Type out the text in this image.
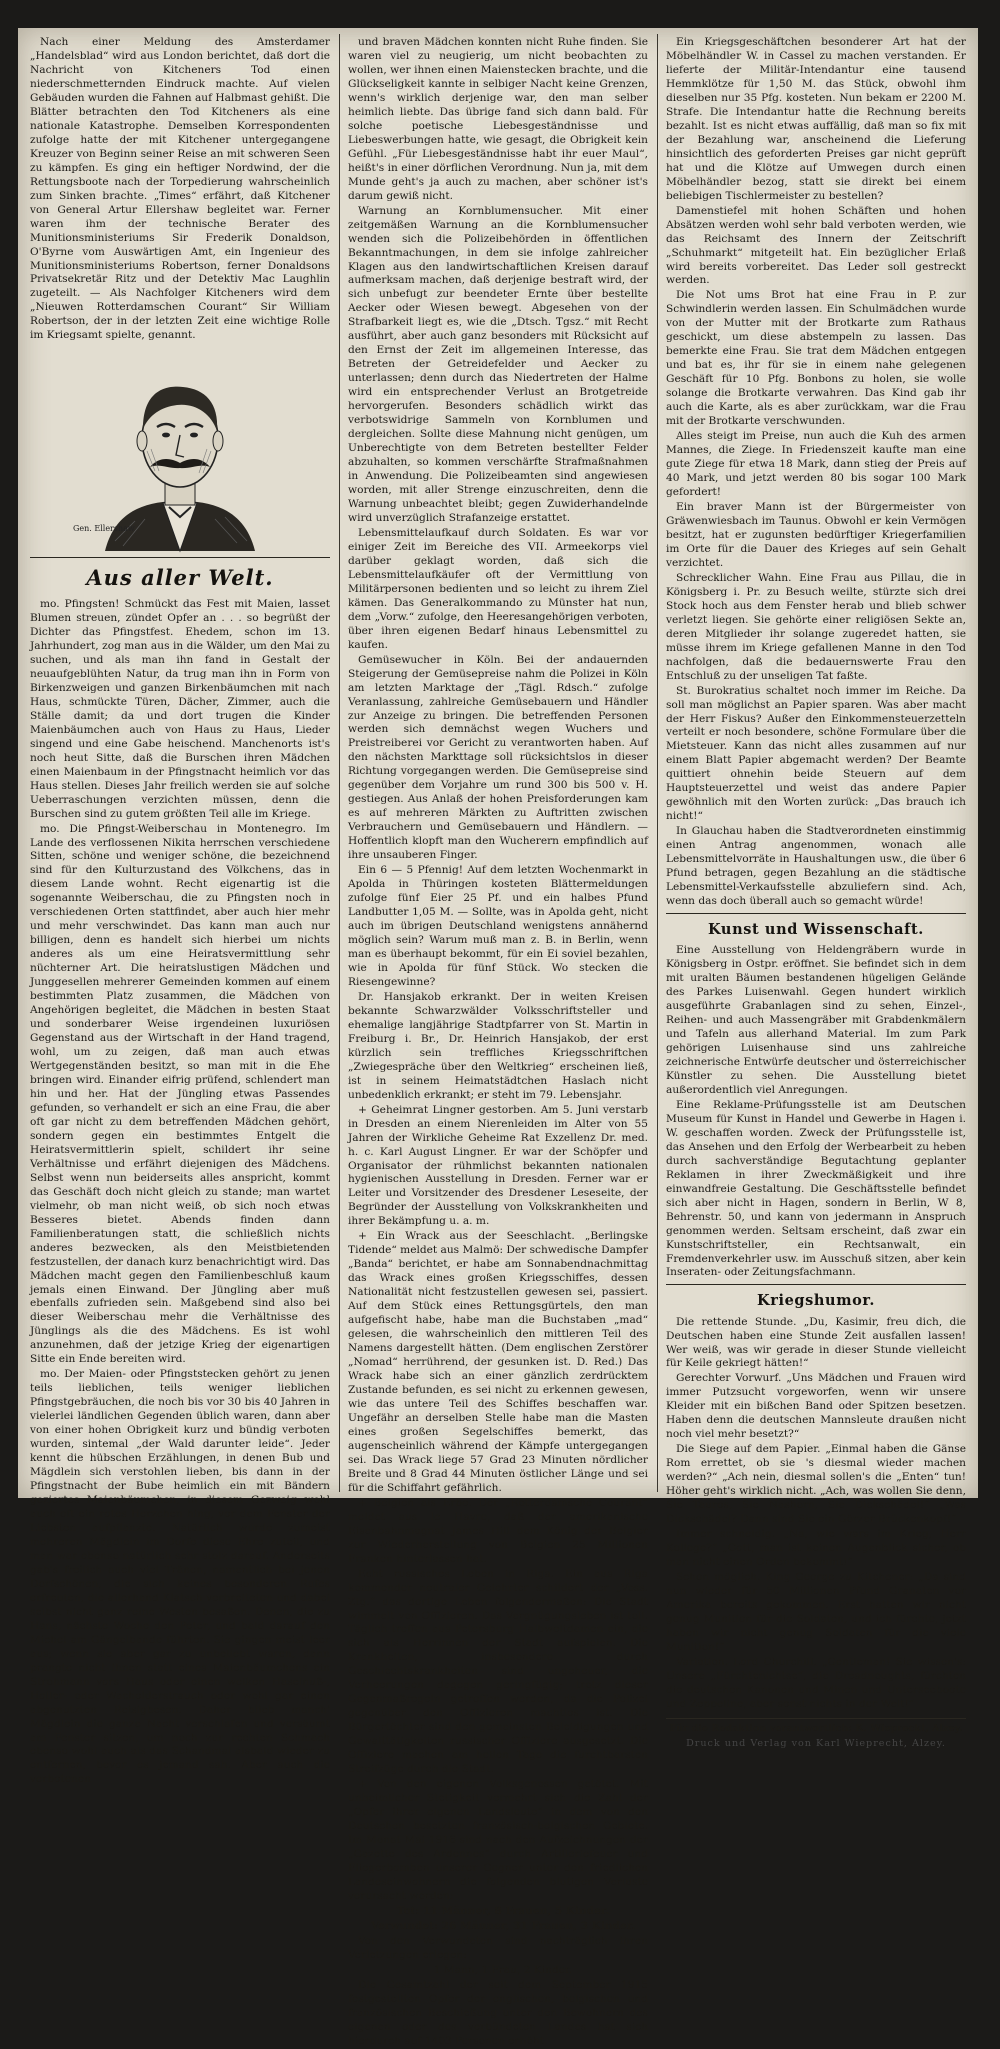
Nach einer Meldung des Amsterdamer „Handelsblad“ wird aus London berichtet, daß dort die Nachricht von Kitcheners Tod einen niederschmetternden Eindruck machte. Auf vielen Gebäuden wurden die Fahnen auf Halbmast gehißt. Die Blätter betrachten den Tod Kitcheners als eine nationale Katastrophe. Demselben Korrespondenten zufolge hatte der mit Kitchener untergegangene Kreuzer von Beginn seiner Reise an mit schweren Seen zu kämpfen. Es ging ein heftiger Nordwind, der die Rettungsboote nach der Torpedierung wahrscheinlich zum Sinken brachte. „Times“ erfährt, daß Kitchener von General Artur Ellershaw begleitet war. Ferner waren ihm der technische Berater des Munitionsministeriums Sir Frederik Donaldson, O'Byrne vom Auswärtigen Amt, ein Ingenieur des Munitionsministeriums Robertson, ferner Donaldsons Privatsekretär Ritz und der Detektiv Mac Laughlin zugeteilt. — Als Nachfolger Kitcheners wird dem „Nieuwen Rotterdamschen Courant“ Sir William Robertson, der in der letzten Zeit eine wichtige Rolle im Kriegsamt spielte, genannt.

Gen. Ellershaw
Aus aller Welt.

mo. Pfingsten! Schmückt das Fest mit Maien, lasset Blumen streuen, zündet Opfer an . . . so begrüßt der Dichter das Pfingstfest. Ehedem, schon im 13. Jahrhundert, zog man aus in die Wälder, um den Mai zu suchen, und als man ihn fand in Gestalt der neuaufgeblühten Natur, da trug man ihn in Form von Birkenzweigen und ganzen Birkenbäumchen mit nach Haus, schmückte Türen, Dächer, Zimmer, auch die Ställe damit; da und dort trugen die Kinder Maienbäumchen auch von Haus zu Haus, Lieder singend und eine Gabe heischend. Manchenorts ist's noch heut Sitte, daß die Burschen ihren Mädchen einen Maienbaum in der Pfingstnacht heimlich vor das Haus stellen. Dieses Jahr freilich werden sie auf solche Ueberraschungen verzichten müssen, denn die Burschen sind zu gutem größten Teil alle im Kriege.

mo. Die Pfingst-Weiberschau in Montenegro. Im Lande des verflossenen Nikita herrschen verschiedene Sitten, schöne und weniger schöne, die bezeichnend sind für den Kulturzustand des Völkchens, das in diesem Lande wohnt. Recht eigenartig ist die sogenannte Weiberschau, die zu Pfingsten noch in verschiedenen Orten stattfindet, aber auch hier mehr und mehr verschwindet. Das kann man auch nur billigen, denn es handelt sich hierbei um nichts anderes als um eine Heiratsvermittlung sehr nüchterner Art. Die heiratslustigen Mädchen und Junggesellen mehrerer Gemeinden kommen auf einem bestimmten Platz zusammen, die Mädchen von Angehörigen begleitet, die Mädchen in besten Staat und sonderbarer Weise irgendeinen luxuriösen Gegenstand aus der Wirtschaft in der Hand tragend, wohl, um zu zeigen, daß man auch etwas Wertgegenständen besitzt, so man mit in die Ehe bringen wird. Einander eifrig prüfend, schlendert man hin und her. Hat der Jüngling etwas Passendes gefunden, so verhandelt er sich an eine Frau, die aber oft gar nicht zu dem betreffenden Mädchen gehört, sondern gegen ein bestimmtes Entgelt die Heiratsvermittlerin spielt, schildert ihr seine Verhältnisse und erfährt diejenigen des Mädchens. Selbst wenn nun beiderseits alles anspricht, kommt das Geschäft doch nicht gleich zu stande; man wartet vielmehr, ob man nicht weiß, ob sich noch etwas Besseres bietet. Abends finden dann Familienberatungen statt, die schließlich nichts anderes bezwecken, als den Meistbietenden festzustellen, der danach kurz benachrichtigt wird. Das Mädchen macht gegen den Familienbeschluß kaum jemals einen Einwand. Der Jüngling aber muß ebenfalls zufrieden sein. Maßgebend sind also bei dieser Weiberschau mehr die Verhältnisse des Jünglings als die des Mädchens. Es ist wohl anzunehmen, daß der jetzige Krieg der eigenartigen Sitte ein Ende bereiten wird.

mo. Der Maien- oder Pfingststecken gehört zu jenen teils lieblichen, teils weniger lieblichen Pfingstgebräuchen, die noch bis vor 30 bis 40 Jahren in vielerlei ländlichen Gegenden üblich waren, dann aber von einer hohen Obrigkeit kurz und bündig verboten wurden, sintemal „der Wald darunter leide“. Jeder kennt die hübschen Erzählungen, in denen Bub und Mägdlein sich verstohlen lieben, bis dann in der Pfingstnacht der Bube heimlich ein mit Bändern geziertes Maienbäumchen, in diesem Gezweig wohl auch oft ein rotes Herzchen hing, vor dem Fenster der Liebsten aufpflanzte. Natürlich wurde zumeist mehreren Mägdlein im Dorfe diese Ehre zuteil, und man war ebenso natürlich sehr stolz darauf. Anderseits gab's freilich auch viel Tränen, namentlich bei jenen Dorfschönen, die sich keines besonderen Rufes erfreuten, die allerhand Klatsch verbreiteten und dabei selbst nicht ganz reine Westen besaßen. Denen, die zu Hans, nächste Woche den Peter, und bald darauf den Michel am Gängelbande führten. Sie gingen meist leer aus; wenn sie aber gar zu unbeliebt waren, dann prangte nicht ihnen statt eines Maienbäumchens ein Strohmann vors Haus oder einen welken Haselnuß-, Holler- oder Wacholderstrauch oder wohl gar einen abgenutzten Reisigbesen. Daher blieb manch' Mägdlein die ganze Nacht verschlafen und versäumt am Fenster sitzen, um noch zur rechten Schmach ebenso wohl auch als das Schandmal alsbald wieder zu entfernen, bevor es jemand sah. Aber auch die verbotenen

und braven Mädchen konnten nicht Ruhe finden. Sie waren viel zu neugierig, um nicht beobachten zu wollen, wer ihnen einen Maienstecken brachte, und die Glückseligkeit kannte in selbiger Nacht keine Grenzen, wenn's wirklich derjenige war, den man selber heimlich liebte. Das übrige fand sich dann bald. Für solche poetische Liebesgeständnisse und Liebeswerbungen hatte, wie gesagt, die Obrigkeit kein Gefühl. „Für Liebesgeständnisse habt ihr euer Maul“, heißt's in einer dörflichen Verordnung. Nun ja, mit dem Munde geht's ja auch zu machen, aber schöner ist's darum gewiß nicht.

Warnung an Kornblumensucher. Mit einer zeitgemäßen Warnung an die Kornblumensucher wenden sich die Polizeibehörden in öffentlichen Bekanntmachungen, in dem sie infolge zahlreicher Klagen aus den landwirtschaftlichen Kreisen darauf aufmerksam machen, daß derjenige bestraft wird, der sich unbefugt zur beendeter Ernte über bestellte Aecker oder Wiesen bewegt. Abgesehen von der Strafbarkeit liegt es, wie die „Dtsch. Tgsz.“ mit Recht ausführt, aber auch ganz besonders mit Rücksicht auf den Ernst der Zeit im allgemeinen Interesse, das Betreten der Getreidefelder und Aecker zu unterlassen; denn durch das Niedertreten der Halme wird ein entsprechender Verlust an Brotgetreide hervorgerufen. Besonders schädlich wirkt das verbotswidrige Sammeln von Kornblumen und dergleichen. Sollte diese Mahnung nicht genügen, um Unberechtigte von dem Betreten bestellter Felder abzuhalten, so kommen verschärfte Strafmaßnahmen in Anwendung. Die Polizeibeamten sind angewiesen worden, mit aller Strenge einzuschreiten, denn die Warnung unbeachtet bleibt; gegen Zuwiderhandelnde wird unverzüglich Strafanzeige erstattet.

Lebensmittelaufkauf durch Soldaten. Es war vor einiger Zeit im Bereiche des VII. Armeekorps viel darüber geklagt worden, daß sich die Lebensmittelaufkäufer oft der Vermittlung von Militärpersonen bedienten und so leicht zu ihrem Ziel kämen. Das Generalkommando zu Münster hat nun, dem „Vorw.“ zufolge, den Heeresangehörigen verboten, über ihren eigenen Bedarf hinaus Lebensmittel zu kaufen.

Gemüsewucher in Köln. Bei der andauernden Steigerung der Gemüsepreise nahm die Polizei in Köln am letzten Marktage der „Tägl. Rdsch.“ zufolge Veranlassung, zahlreiche Gemüsebauern und Händler zur Anzeige zu bringen. Die betreffenden Personen werden sich demnächst wegen Wuchers und Preistreiberei vor Gericht zu verantworten haben. Auf den nächsten Markttage soll rücksichtslos in dieser Richtung vorgegangen werden. Die Gemüsepreise sind gegenüber dem Vorjahre um rund 300 bis 500 v. H. gestiegen. Aus Anlaß der hohen Preisforderungen kam es auf mehreren Märkten zu Auftritten zwischen Verbrauchern und Gemüsebauern und Händlern. — Hoffentlich klopft man den Wucherern empfindlich auf ihre unsauberen Finger.

Ein 6 — 5 Pfennig! Auf dem letzten Wochenmarkt in Apolda in Thüringen kosteten Blättermeldungen zufolge fünf Eier 25 Pf. und ein halbes Pfund Landbutter 1,05 M. — Sollte, was in Apolda geht, nicht auch im übrigen Deutschland wenigstens annähernd möglich sein? Warum muß man z. B. in Berlin, wenn man es überhaupt bekommt, für ein Ei soviel bezahlen, wie in Apolda für fünf Stück. Wo stecken die Riesengewinne?

Dr. Hansjakob erkrankt. Der in weiten Kreisen bekannte Schwarzwälder Volksschriftsteller und ehemalige langjährige Stadtpfarrer von St. Martin in Freiburg i. Br., Dr. Heinrich Hansjakob, der erst kürzlich sein treffliches Kriegsschriftchen „Zwiegespräche über den Weltkrieg“ erscheinen ließ, ist in seinem Heimatstädtchen Haslach nicht unbedenklich erkrankt; er steht im 79. Lebensjahr.

+ Geheimrat Lingner gestorben. Am 5. Juni verstarb in Dresden an einem Nierenleiden im Alter von 55 Jahren der Wirkliche Geheime Rat Exzellenz Dr. med. h. c. Karl August Lingner. Er war der Schöpfer und Organisator der rühmlichst bekannten nationalen hygienischen Ausstellung in Dresden. Ferner war er Leiter und Vorsitzender des Dresdener Leseseite, der Begründer der Ausstellung von Volkskrankheiten und ihrer Bekämpfung u. a. m.

+ Ein Wrack aus der Seeschlacht. „Berlingske Tidende“ meldet aus Malmö: Der schwedische Dampfer „Banda“ berichtet, er habe am Sonnabendnachmittag das Wrack eines großen Kriegsschiffes, dessen Nationalität nicht festzustellen gewesen sei, passiert. Auf dem Stück eines Rettungsgürtels, den man aufgefischt habe, habe man die Buchstaben „mad“ gelesen, die wahrscheinlich den mittleren Teil des Namens dargestellt hätten. (Dem englischen Zerstörer „Nomad“ herrührend, der gesunken ist. D. Red.) Das Wrack habe sich an einer gänzlich zerdrücktem Zustande befunden, es sei nicht zu erkennen gewesen, wie das untere Teil des Schiffes beschaffen war. Ungefähr an derselben Stelle habe man die Masten eines großen Segelschiffes bemerkt, das augenscheinlich während der Kämpfe untergegangen sei. Das Wrack liege 57 Grad 23 Minuten nördlicher Breite und 8 Grad 44 Minuten östlicher Länge und sei für die Schiffahrt gefährlich.

+ Belgien als Erbe. Der „Rotterdamsche Courant“ meldet aus le Havre, daß der amerikanische Eisenbahnmagnat James Hill dem König der Belgier zur Wiederherstellung von Belgien 25 Millionen Franken hinterlassen hat.

Echt russisches Leben in Riga. Ein aus Riga kommender neutraler Gelehrter schildert der „Voss. Ztg.“ das dortige Leben folgendermaßen: Die Stadt wimmelt von Offizieren. Das Vergnügungsleben ist toll. Täglich treffen aus Petersburg Halbweltdamen ein, die sich als Herrinnen der Stadt aufspielen. Die Krankheiten, insbesondere durch Geschlechtskrankheiten sind ungeheuer, die Verheerungen dagegen geringfügig; trotz dieser Gegenmaßregeln getroffen werden, da die Polizei gegenüber den Offizieren machtlos ist. Die Bürgertöchter sind den gemeinsten Beleidigungen und Gewalttätigkeiten russischer Offiziere ausgesetzt. Die Offiziere machen am hellen Tage die furchtbarsten Streifzüge durch die Stadt.

+ Von den eigenen Volksgenossen getötet. Mit unheimlicher Stetigkeit vermehrt sich die Zahl der „Opfer ihrer eigenen Landsleute“ in dem von den Deutschen besetzten französisch-belgischen Gebiete. Im Monat Mai 1916 sind nach den Aufzeichnungen der „Gazette des Ardennes“ durch Artilleriefeuer und Fliegerbomben unserer Gegner unter den friedlichen Landeseinwohnern die folgenden blutigen Verluste verursacht worden:

Tot: 11 Männer, 8 Frauen, 5 Kinder.

Verwundet: 26 Männer, 31 Frauen, 3 Kinder.

Von den Verwundeten sind nachträglich ihren Verletzungen erlegen:

1 Mann, 1 Frau, 2 Kinder.

Die Gesamtzahl der seit dem September 1915 festgestellten Opfer der englischen, belgischen und französischen Beschießung unter den Bewohnern des eigenen oder des verbündeten Landes hat sich hierdurch auf 1403 Personen erhöht.

Ein Kriegsgeschäftchen besonderer Art hat der Möbelhändler W. in Cassel zu machen verstanden. Er lieferte der Militär-Intendantur eine tausend Hemmklötze für 1,50 M. das Stück, obwohl ihm dieselben nur 35 Pfg. kosteten. Nun bekam er 2200 M. Strafe. Die Intendantur hatte die Rechnung bereits bezahlt. Ist es nicht etwas auffällig, daß man so fix mit der Bezahlung war, anscheinend die Lieferung hinsichtlich des geforderten Preises gar nicht geprüft hat und die Klötze auf Umwegen durch einen Möbelhändler bezog, statt sie direkt bei einem beliebigen Tischlermeister zu bestellen?

Damenstiefel mit hohen Schäften und hohen Absätzen werden wohl sehr bald verboten werden, wie das Reichsamt des Innern der Zeitschrift „Schuhmarkt“ mitgeteilt hat. Ein bezüglicher Erlaß wird bereits vorbereitet. Das Leder soll gestreckt werden.

Die Not ums Brot hat eine Frau in P. zur Schwindlerin werden lassen. Ein Schulmädchen wurde von der Mutter mit der Brotkarte zum Rathaus geschickt, um diese abstempeln zu lassen. Das bemerkte eine Frau. Sie trat dem Mädchen entgegen und bat es, ihr für sie in einem nahe gelegenen Geschäft für 10 Pfg. Bonbons zu holen, sie wolle solange die Brotkarte verwahren. Das Kind gab ihr auch die Karte, als es aber zurückkam, war die Frau mit der Brotkarte verschwunden.

Alles steigt im Preise, nun auch die Kuh des armen Mannes, die Ziege. In Friedenszeit kaufte man eine gute Ziege für etwa 18 Mark, dann stieg der Preis auf 40 Mark, und jetzt werden 80 bis sogar 100 Mark gefordert!

Ein braver Mann ist der Bürgermeister von Gräwenwiesbach im Taunus. Obwohl er kein Vermögen besitzt, hat er zugunsten bedürftiger Kriegerfamilien im Orte für die Dauer des Krieges auf sein Gehalt verzichtet.

Schrecklicher Wahn. Eine Frau aus Pillau, die in Königsberg i. Pr. zu Besuch weilte, stürzte sich drei Stock hoch aus dem Fenster herab und blieb schwer verletzt liegen. Sie gehörte einer religiösen Sekte an, deren Mitglieder ihr solange zugeredet hatten, sie müsse ihrem im Kriege gefallenen Manne in den Tod nachfolgen, daß die bedauernswerte Frau den Entschluß zu der unseligen Tat faßte.

St. Burokratius schaltet noch immer im Reiche. Da soll man möglichst an Papier sparen. Was aber macht der Herr Fiskus? Außer den Einkommensteuerzetteln verteilt er noch besondere, schöne Formulare über die Mietsteuer. Kann das nicht alles zusammen auf nur einem Blatt Papier abgemacht werden? Der Beamte quittiert ohnehin beide Steuern auf dem Hauptsteuerzettel und weist das andere Papier gewöhnlich mit den Worten zurück: „Das brauch ich nicht!“

In Glauchau haben die Stadtverordneten einstimmig einen Antrag angenommen, wonach alle Lebensmittelvorräte in Haushaltungen usw., die über 6 Pfund betragen, gegen Bezahlung an die städtische Lebensmittel-Verkaufsstelle abzuliefern sind. Ach, wenn das doch überall auch so gemacht würde!

Kunst und Wissenschaft.

Eine Ausstellung von Heldengräbern wurde in Königsberg in Ostpr. eröffnet. Sie befindet sich in dem mit uralten Bäumen bestandenen hügeligen Gelände des Parkes Luisenwahl. Gegen hundert wirklich ausgeführte Grabanlagen sind zu sehen, Einzel-, Reihen- und auch Massengräber mit Grabdenkmälern und Tafeln aus allerhand Material. Im zum Park gehörigen Luisenhause sind uns zahlreiche zeichnerische Entwürfe deutscher und österreichischer Künstler zu sehen. Die Ausstellung bietet außerordentlich viel Anregungen.

Eine Reklame-Prüfungsstelle ist am Deutschen Museum für Kunst in Handel und Gewerbe in Hagen i. W. geschaffen worden. Zweck der Prüfungsstelle ist, das Ansehen und den Erfolg der Werbearbeit zu heben durch sachverständige Begutachtung geplanter Reklamen in ihrer Zweckmäßigkeit und ihre einwandfreie Gestaltung. Die Geschäftsstelle befindet sich aber nicht in Hagen, sondern in Berlin, W 8, Behrenstr. 50, und kann von jedermann in Anspruch genommen werden. Seltsam erscheint, daß zwar ein Kunstschriftsteller, ein Rechtsanwalt, ein Fremdenverkehrler usw. im Ausschuß sitzen, aber kein Inseraten- oder Zeitungsfachmann.

Kriegshumor.

Die rettende Stunde. „Du, Kasimir, freu dich, die Deutschen haben eine Stunde Zeit ausfallen lassen! Wer weiß, was wir gerade in dieser Stunde vielleicht für Keile gekriegt hätten!“

Gerechter Vorwurf. „Uns Mädchen und Frauen wird immer Putzsucht vorgeworfen, wenn wir unsere Kleider mit ein bißchen Band oder Spitzen besetzen. Haben denn die deutschen Mannsleute draußen nicht noch viel mehr besetzt?“

Die Siege auf dem Papier. „Einmal haben die Gänse Rom errettet, ob sie 's diesmal wieder machen werden?“ „Ach nein, diesmal sollen's die „Enten“ tun! Höher geht's wirklich nicht. „Ach, was wollen Sie denn, Sie Tauros, Sie Nashorn, Sie Dickschädel!“ „Was Dickschädel? Dann sind Sie ein Görzer Brückenkopf!“

Immer schneidig. „Na, wie wars im Krieg, Herr Kollege?“ „Gott, man ist keinen Augenblick sicher, ob man nicht einen Orden bekommt!“

Schon möglich. King George zu Kitchener: „Da sind nun wieder für 50 Millionen Pfund Granaten vor Amerika bereits gekommen. Erst hatten wir nicht genug Munition für die Soldaten, und ich fürchte, jetzt haben wir nicht genug Soldaten für die viele Munition!“

Variation. Lord Churchill. „Gentleman! Sie wissen's: Unsere „Fürchtenichtse“, die Dreadnoughts, fürchten die deutschen Kanonen und Minen und Unterseeboote und Zeppeline, aber sonst nichts in der Welt!“

Für die Redaktion verantwortlich: K. Wiepreckt, Alzey.
Druck und Verlag von Karl Wieprecht, Alzey.
